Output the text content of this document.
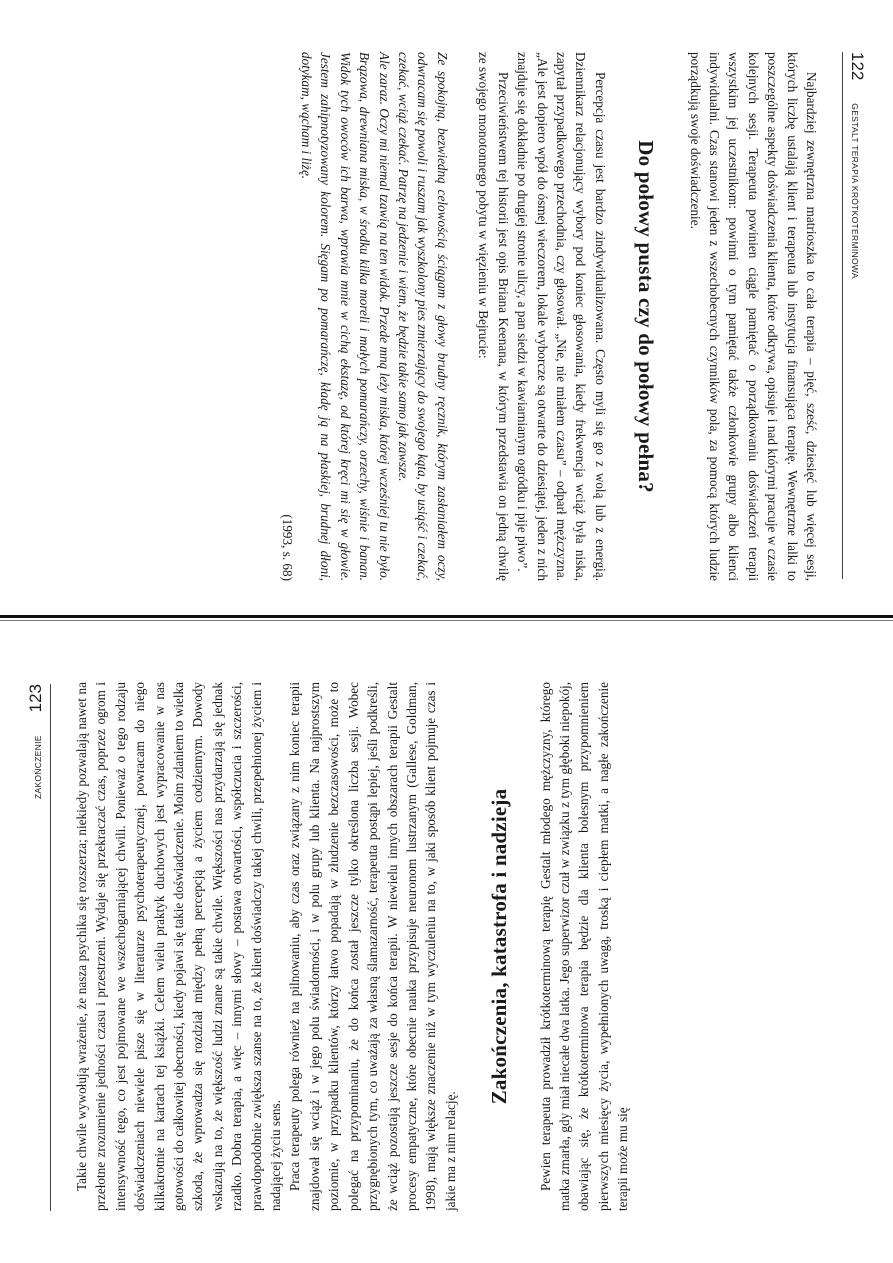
122  GESTALT TERAPIA KRÓTKOTERMINOWA

Najbardziej zewnętrzna matrioszka to cała terapia – pięć, sześć, dziesięć lub więcej sesji, których liczbę ustalają klient i terapeuta lub instytucja finansująca terapię. Wewnętrzne lalki to poszczególne aspekty doświadczenia klienta, które odkrywa, opisuje i nad którymi pracuje w czasie kolejnych sesji. Terapeuta powinien ciągle pamiętać o porządkowaniu doświadczeń terapii wszystkim jej uczestnikom: powinni o tym pamiętać także członkowie grupy albo klienci indywidualni. Czas stanowi jeden z wszechobecnych czynników pola, za pomocą których ludzie porządkują swoje doświadczenie.

Do połowy pusta czy do połowy pełna?

Percepcja czasu jest bardzo zindywidualizowana. Często myli się go z wolą lub z energią. Dziennikarz relacjonujący wybory pod koniec głosowania, kiedy frekwencja wciąż była niska, zapytał przypadkowego przechodnia, czy głosował. „Nie, nie miałem czasu” – odparł mężczyzna. „Ale jest dopiero wpół do ósmej wieczorem, lokale wyborcze są otwarte do dziesiątej, jeden z nich znajduje się dokładnie po drugiej stronie ulicy, a pan siedzi w kawiarnianym ogródku i pije piwo”.

Przeciwieństwem tej historii jest opis Briana Keenana, w którym przedstawia on jedną chwilę ze swojego monotonnego pobytu w więzieniu w Bejrucie:

Ze spokojną, bezwiedną celowością ściągam z głowy brudny ręcznik, którym zasłaniałem oczy, odwracam się powoli i ruszam jak wyszkolony pies zmierzający do swojego kąta, by usiąść i czekać, czekać, wciąż czekać. Patrzę na jedzenie i wiem, że będzie takie samo jak zawsze.

Ale zaraz. Oczy mi niemal tzawią na ten widok. Przede mną leży miska, której wcześniej tu nie było. Brązowa, drewniana miska, w środku kilka moreli i małych pomarańczy, orzechy, wiśnie i banan. Widok tych owoców ich barwa, wprawia mnie w cichą ekstazę, od której kręci mi się w głowie. Jestem zahipnotyzowany kolorem. Sięgam po pomarańczę, kładę ją na płaskiej, brudnej dłoni, dotykam, wącham i liżę.

(1993, s. 68)
ZAKOŃCZENIE  123 Takie chwile wywołują wrażenie, że nasza psychika się rozszerza; niekiedy pozwalają nawet na przełotne zrozumienie jedności czasu i przestrzeni. Wydaje się przekraczać czas, poprzez ogrom i intensywność tego, co jest pojmowane we wszechogarniającej chwili. Ponieważ o tego rodzaju doświadczeniach niewiele pisze się w literaturze psychoterapeutycznej, powracam do niego kilkakrotnie na kartach tej książki. Celem wielu praktyk duchowych jest wypracowanie w nas gotowości do całkowitej obecności, kiedy pojawi się takie doświadczenie. Moim zdaniem to wielka szkoda, że wprowadza się rozdział między pełną percepcją a życiem codziennym. Dowody wskazują na to, że większość ludzi znane są takie chwile. Większości nas przydarzają się jednak rzadko. Dobra terapia, a więc – innymi słowy – postawa otwartości, współczucia i szczerości, prawdopodobnie zwiększa szanse na to, że klient doświadczy takiej chwili, przepełnionej życiem i nadającej życiu sens. Praca terapeuty polega również na pilnowaniu, aby czas oraz związany z nim koniec terapii znajdował się wciąż i w jego polu świadomości, i w polu grupy lub klienta. Na najprostszym poziomie, w przypadku klientów, którzy łatwo popadają w złudzenie bezczasowości, może to polegać na przypominaniu, że do końca został jeszcze tylko określona liczba sesji. Wobec przygnębionych tym, co uważają za własną ślamazarność, terapeuta postąpi lepiej, jeśli podkreśli, że wciąż pozostają jeszcze sesje do końca terapii. W niewielu innych obszarach terapii Gestalt procesy empatyczne, które obecnie nauka przypisuje neuronom lustrzanym (Gallese, Goldman, 1998), mają większe znaczenie niż w tym wyczuleniu na to, w jaki sposób klient pojmuje czas i jakie ma z nim relację.

Zakończenia, katastrofa i nadzieja Pewien terapeuta prowadził krótkoterminową terapię Gestalt młodego mężczyzny, którego matka zmarła, gdy miał niecałe dwa latka. Jego superwizor czuł w związku z tym głęboki niepokój, obawiając się, że krótkoterminowa terapia będzie dla klienta bolesnym przypomnieniem pierwszych miesięcy życia, wypełnionych uwagą, troską i ciepłem matki, a nagłe zakończenie terapii może mu się
